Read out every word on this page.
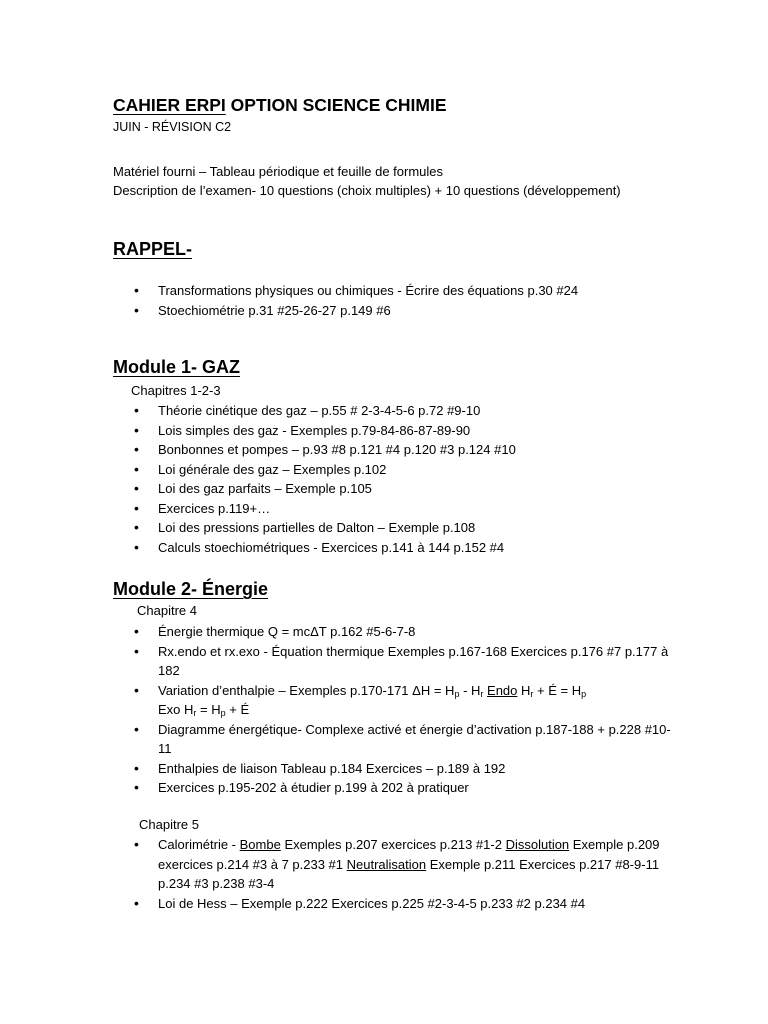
CAHIER ERPI OPTION SCIENCE CHIMIE
JUIN - RÉVISION C2
Matériel fourni – Tableau périodique et feuille de formules
Description de l’examen- 10 questions (choix multiples) + 10 questions (développement)
RAPPEL-
• Transformations physiques ou chimiques - Écrire des équations p.30 #24
• Stoechiométrie p.31 #25-26-27 p.149 #6
Module 1- GAZ
Chapitres 1-2-3
• Théorie cinétique des gaz – p.55 # 2-3-4-5-6 p.72 #9-10
• Lois simples des gaz - Exemples p.79-84-86-87-89-90
• Bonbonnes et pompes – p.93 #8 p.121 #4 p.120 #3 p.124 #10
• Loi générale des gaz – Exemples p.102
• Loi des gaz parfaits – Exemple p.105
• Exercices p.119+…
• Loi des pressions partielles de Dalton – Exemple p.108
• Calculs stoechiométriques - Exercices p.141 à 144 p.152 #4
Module 2- Énergie
Chapitre 4
• Énergie thermique Q = mcΔT p.162 #5-6-7-8
• Rx.endo et rx.exo - Équation thermique Exemples p.167-168 Exercices p.176 #7 p.177 à 182
• Variation d’enthalpie – Exemples p.170-171 $\Delta H = H_p - H_r$ Endo $H_r$ + É = $H_p$
Exo $H_r = H_p$ + É
• Diagramme énergétique- Complexe activé et énergie d’activation p.187-188 + p.228 #10-11
• Enthalpies de liaison Tableau p.184 Exercices – p.189 à 192
• Exercices p.195-202 à étudier p.199 à 202 à pratiquer
Chapitre 5
• Calorimétrie - Bombe Exemples p.207 exercices p.213 #1-2 Dissolution Exemple p.209 exercices p.214 #3 à 7 p.233 #1 Neutralisation Exemple p.211 Exercices p.217 #8-9-11 p.234 #3 p.238 #3-4
• Loi de Hess – Exemple p.222 Exercices p.225 #2-3-4-5 p.233 #2 p.234 #4
